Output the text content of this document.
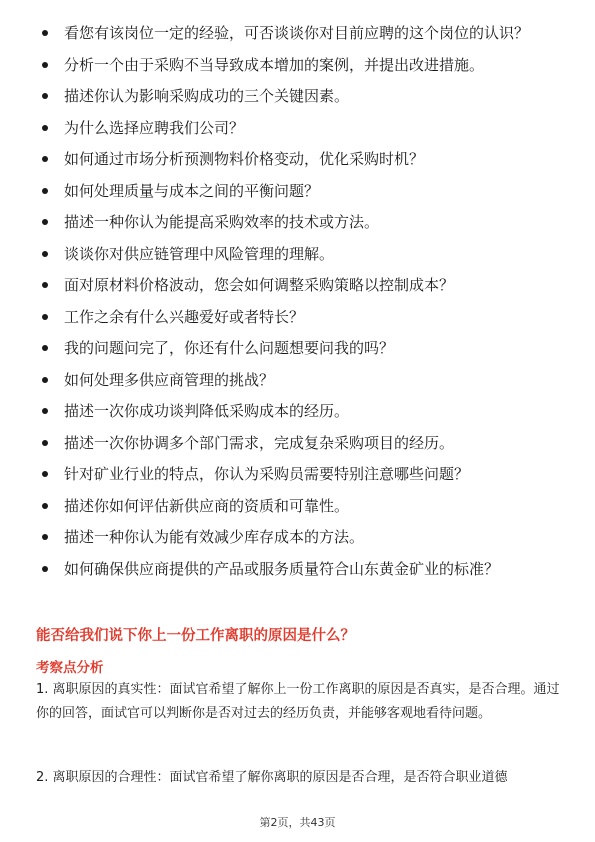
看您有该岗位一定的经验，可否谈谈你对目前应聘的这个岗位的认识？
分析一个由于采购不当导致成本增加的案例，并提出改进措施。
描述你认为影响采购成功的三个关键因素。
为什么选择应聘我们公司？
如何通过市场分析预测物料价格变动，优化采购时机？
如何处理质量与成本之间的平衡问题？
描述一种你认为能提高采购效率的技术或方法。
谈谈你对供应链管理中风险管理的理解。
面对原材料价格波动，您会如何调整采购策略以控制成本？
工作之余有什么兴趣爱好或者特长？
我的问题问完了，你还有什么问题想要问我的吗？
如何处理多供应商管理的挑战？
描述一次你成功谈判降低采购成本的经历。
描述一次你协调多个部门需求，完成复杂采购项目的经历。
针对矿业行业的特点，你认为采购员需要特别注意哪些问题？
描述你如何评估新供应商的资质和可靠性。
描述一种你认为能有效减少库存成本的方法。
如何确保供应商提供的产品或服务质量符合山东黄金矿业的标准？
能否给我们说下你上一份工作离职的原因是什么？
考察点分析
1. 离职原因的真实性：面试官希望了解你上一份工作离职的原因是否真实，是否合理。通过你的回答，面试官可以判断你是否对过去的经历负责，并能够客观地看待问题。
2. 离职原因的合理性：面试官希望了解你离职的原因是否合理，是否符合职业道德
第2页，共43页
